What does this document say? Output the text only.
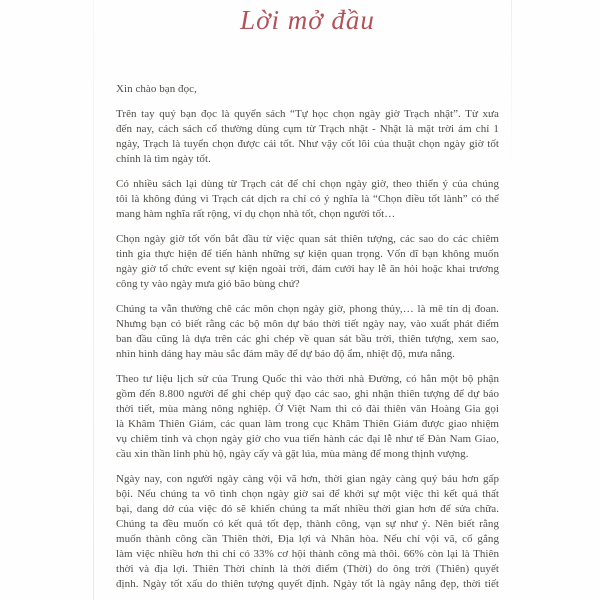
Lời mở đầu
Xin chào bạn đọc,
Trên tay quý bạn đọc là quyển sách “Tự học chọn ngày giờ Trạch nhật”. Từ xưa
đến nay, cách sách cổ thường dùng cụm từ Trạch nhật - Nhật là mặt trời ám chỉ 1
ngày, Trạch là tuyển chọn được cái tốt. Như vậy cốt lõi của thuật chọn ngày giờ tốt
chính là tìm ngày tốt.
Có nhiều sách lại dùng từ Trạch cát để chỉ chọn ngày giờ, theo thiển ý của chúng
tôi là không đúng vì Trạch cát dịch ra chỉ có ý nghĩa là “Chọn điều tốt lành” có thể
mang hàm nghĩa rất rộng, ví dụ chọn nhà tốt, chọn người tốt…
Chọn ngày giờ tốt vốn bắt đầu từ việc quan sát thiên tượng, các sao do các chiêm
tinh gia thực hiện để tiến hành những sự kiện quan trọng. Vốn dĩ bạn không muốn
ngày giờ tổ chức event sự kiện ngoài trời, đám cưới hay lễ ăn hỏi hoặc khai trương
công ty vào ngày mưa gió bão bùng chứ?
Chúng ta vẫn thường chê các môn chọn ngày giờ, phong thủy,… là mê tín dị đoan.
Nhưng bạn có biết rằng các bộ môn dự báo thời tiết ngày nay, vào xuất phát điểm
ban đầu cũng là dựa trên các ghi chép về quan sát bầu trời, thiên tượng, xem sao,
nhìn hình dáng hay màu sắc đám mây để dự báo độ ẩm, nhiệt độ, mưa nắng.
Theo tư liệu lịch sử của Trung Quốc thì vào thời nhà Đường, có hẳn một bộ phận
gồm đến 8.800 người để ghi chép quỹ đạo các sao, ghi nhận thiên tượng để dự báo
thời tiết, mùa màng nông nghiệp. Ở Việt Nam thì có đài thiên văn Hoàng Gia gọi
là Khâm Thiên Giám, các quan làm trong cục Khâm Thiên Giám được giao nhiệm
vụ chiêm tinh và chọn ngày giờ cho vua tiến hành các đại lễ như tế Đàn Nam Giao,
cầu xin thần linh phù hộ, ngày cấy và gặt lúa, mùa màng để mong thịnh vượng.
Ngày nay, con người ngày càng vội vã hơn, thời gian ngày càng quý báu hơn gấp
bội. Nếu chúng ta vô tình chọn ngày giờ sai để khởi sự một việc thì kết quả thất
bại, dang dở của việc đó sẽ khiến chúng ta mất nhiều thời gian hơn để sửa chữa.
Chúng ta đều muốn có kết quả tốt đẹp, thành công, vạn sự như ý. Nên biết rằng
muốn thành công cần Thiên thời, Địa lợi và Nhân hòa. Nếu chỉ vội vã, cố gắng
làm việc nhiều hơn thì chỉ có 33% cơ hội thành công mà thôi. 66% còn lại là Thiên
thời và địa lợi. Thiên Thời chính là thời điểm (Thời) do ông trời (Thiên) quyết
định. Ngày tốt xấu do thiên tượng quyết định. Ngày tốt là ngày nắng đẹp, thời tiết
